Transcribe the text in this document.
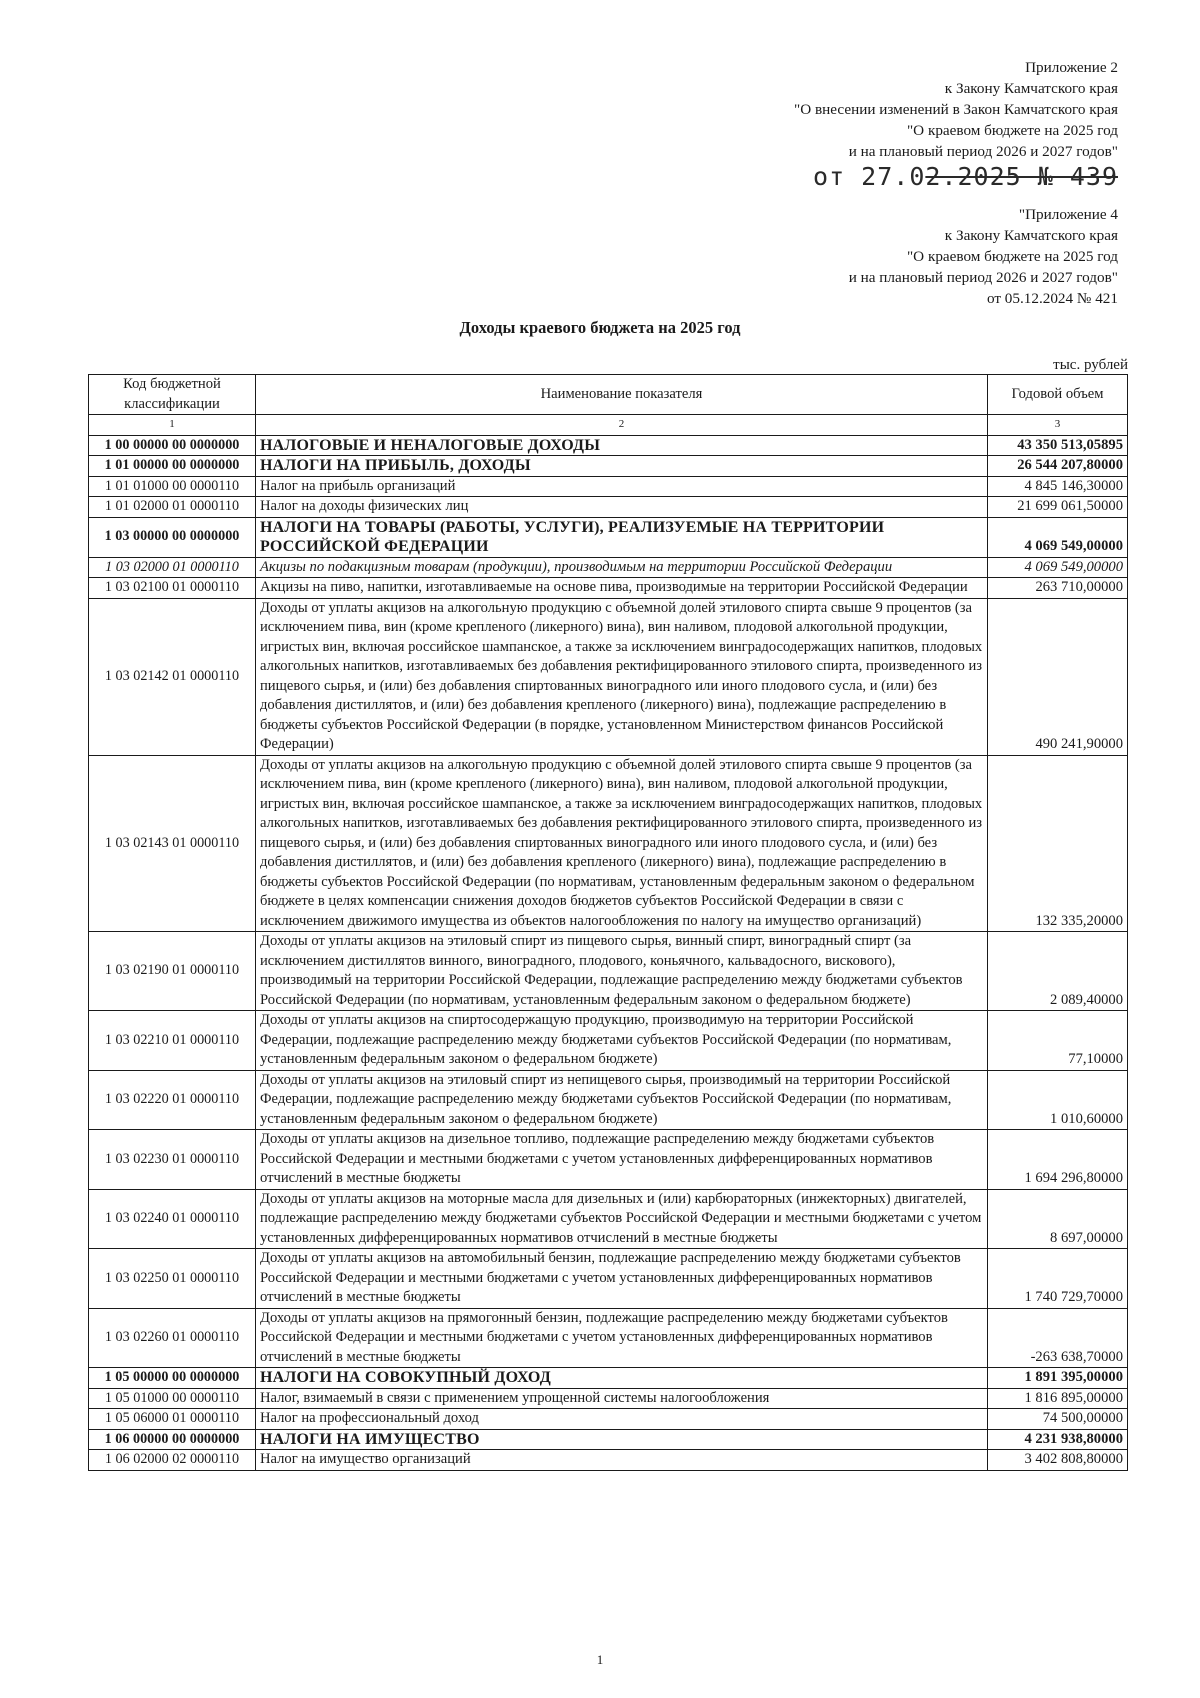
Приложение 2
к Закону Камчатского края
"О внесении изменений в Закон Камчатского края
"О краевом бюджете на 2025 год
и на плановый период 2026 и 2027 годов"
от 27.02.2025 № 439
"Приложение 4
к Закону Камчатского края
"О краевом бюджете на 2025 год
и на плановый период 2026 и 2027 годов"
от 05.12.2024 № 421
Доходы краевого бюджета на 2025 год
тыс. рублей
Код бюджетной классификации	Наименование показателя	Годовой объем
1	2	3
1 00 00000 00 0000000	НАЛОГОВЫЕ И НЕНАЛОГОВЫЕ ДОХОДЫ	43 350 513,05895
1 01 00000 00 0000000	НАЛОГИ НА ПРИБЫЛЬ, ДОХОДЫ	26 544 207,80000
1 01 01000 00 0000110	Налог на прибыль организаций	4 845 146,30000
1 01 02000 01 0000110	Налог на доходы физических лиц	21 699 061,50000
1 03 00000 00 0000000	НАЛОГИ НА ТОВАРЫ (РАБОТЫ, УСЛУГИ), РЕАЛИЗУЕМЫЕ НА ТЕРРИТОРИИ РОССИЙСКОЙ ФЕДЕРАЦИИ	4 069 549,00000
1 03 02000 01 0000110	Акцизы по подакцизным товарам (продукции), производимым на территории Российской Федерации	4 069 549,00000
1 03 02100 01 0000110	Акцизы на пиво, напитки, изготавливаемые на основе пива, производимые на территории Российской Федерации	263 710,00000
1 03 02142 01 0000110	Доходы от уплаты акцизов на алкогольную продукцию с объемной долей этилового спирта свыше 9 процентов (за исключением пива, вин (кроме крепленого (ликерного) вина), вин наливом, плодовой алкогольной продукции, игристых вин, включая российское шампанское, а также за исключением винградосодержащих напитков, плодовых алкогольных напитков, изготавливаемых без добавления ректифицированного этилового спирта, произведенного из пищевого сырья, и (или) без добавления спиртованных виноградного или иного плодового сусла, и (или) без добавления дистиллятов, и (или) без добавления крепленого (ликерного) вина), подлежащие распределению в бюджеты субъектов Российской Федерации (в порядке, установленном Министерством финансов Российской Федерации)	490 241,90000
1 03 02143 01 0000110	Доходы от уплаты акцизов на алкогольную продукцию с объемной долей этилового спирта свыше 9 процентов (за исключением пива, вин (кроме крепленого (ликерного) вина), вин наливом, плодовой алкогольной продукции, игристых вин, включая российское шампанское, а также за исключением винградосодержащих напитков, плодовых алкогольных напитков, изготавливаемых без добавления ректифицированного этилового спирта, произведенного из пищевого сырья, и (или) без добавления спиртованных виноградного или иного плодового сусла, и (или) без добавления дистиллятов, и (или) без добавления крепленого (ликерного) вина), подлежащие распределению в бюджеты субъектов Российской Федерации (по нормативам, установленным федеральным законом о федеральном бюджете в целях компенсации снижения доходов бюджетов субъектов Российской Федерации в связи с исключением движимого имущества из объектов налогообложения по налогу на имущество организаций)	132 335,20000
1 03 02190 01 0000110	Доходы от уплаты акцизов на этиловый спирт из пищевого сырья, винный спирт, виноградный спирт (за исключением дистиллятов винного, виноградного, плодового, коньячного, кальвадосного, вискового), производимый на территории Российской Федерации, подлежащие распределению между бюджетами субъектов Российской Федерации (по нормативам, установленным федеральным законом о федеральном бюджете)	2 089,40000
1 03 02210 01 0000110	Доходы от уплаты акцизов на спиртосодержащую продукцию, производимую на территории Российской Федерации, подлежащие распределению между бюджетами субъектов Российской Федерации (по нормативам, установленным федеральным законом о федеральном бюджете)	77,10000
1 03 02220 01 0000110	Доходы от уплаты акцизов на этиловый спирт из непищевого сырья, производимый на территории Российской Федерации, подлежащие распределению между бюджетами субъектов Российской Федерации (по нормативам, установленным федеральным законом о федеральном бюджете)	1 010,60000
1 03 02230 01 0000110	Доходы от уплаты акцизов на дизельное топливо, подлежащие распределению между бюджетами субъектов Российской Федерации и местными бюджетами с учетом установленных дифференцированных нормативов отчислений в местные бюджеты	1 694 296,80000
1 03 02240 01 0000110	Доходы от уплаты акцизов на моторные масла для дизельных и (или) карбюраторных (инжекторных) двигателей, подлежащие распределению между бюджетами субъектов Российской Федерации и местными бюджетами с учетом установленных дифференцированных нормативов отчислений в местные бюджеты	8 697,00000
1 03 02250 01 0000110	Доходы от уплаты акцизов на автомобильный бензин, подлежащие распределению между бюджетами субъектов Российской Федерации и местными бюджетами с учетом установленных дифференцированных нормативов отчислений в местные бюджеты	1 740 729,70000
1 03 02260 01 0000110	Доходы от уплаты акцизов на прямогонный бензин, подлежащие распределению между бюджетами субъектов Российской Федерации и местными бюджетами с учетом установленных дифференцированных нормативов отчислений в местные бюджеты	-263 638,70000
1 05 00000 00 0000000	НАЛОГИ НА СОВОКУПНЫЙ ДОХОД	1 891 395,00000
1 05 01000 00 0000110	Налог, взимаемый в связи с применением упрощенной системы налогообложения	1 816 895,00000
1 05 06000 01 0000110	Налог на профессиональный доход	74 500,00000
1 06 00000 00 0000000	НАЛОГИ НА ИМУЩЕСТВО	4 231 938,80000
1 06 02000 02 0000110	Налог на имущество организаций	3 402 808,80000
1
